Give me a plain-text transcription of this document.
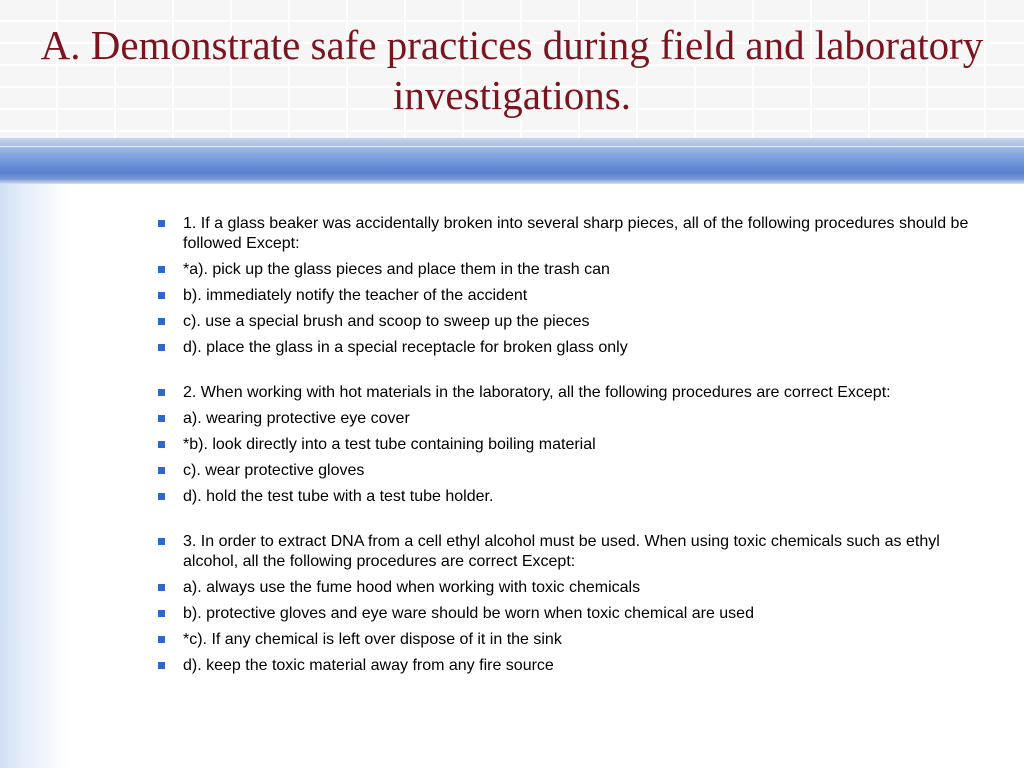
A. Demonstrate safe practices during field and laboratory investigations.
1. If a glass beaker was accidentally broken into several sharp pieces, all of the following procedures should be followed Except:
*a). pick up the glass pieces and place them in the trash can
b). immediately notify the teacher of the accident
c). use a special brush and scoop to sweep up the pieces
d). place the glass in a special receptacle for broken glass only
2. When working with hot materials in the laboratory, all the following procedures are correct Except:
a). wearing protective eye cover
*b). look directly into a test tube containing boiling material
c). wear protective gloves
d). hold the test tube with a test tube holder.
3. In order to extract DNA from a cell ethyl alcohol must be used. When using toxic chemicals such as ethyl alcohol, all the following procedures are correct Except:
a). always use the fume hood when working with toxic chemicals
b). protective gloves and eye ware should be worn when toxic chemical are used
*c). If any chemical is left over dispose of it in the sink
d). keep the toxic material away from any fire source
